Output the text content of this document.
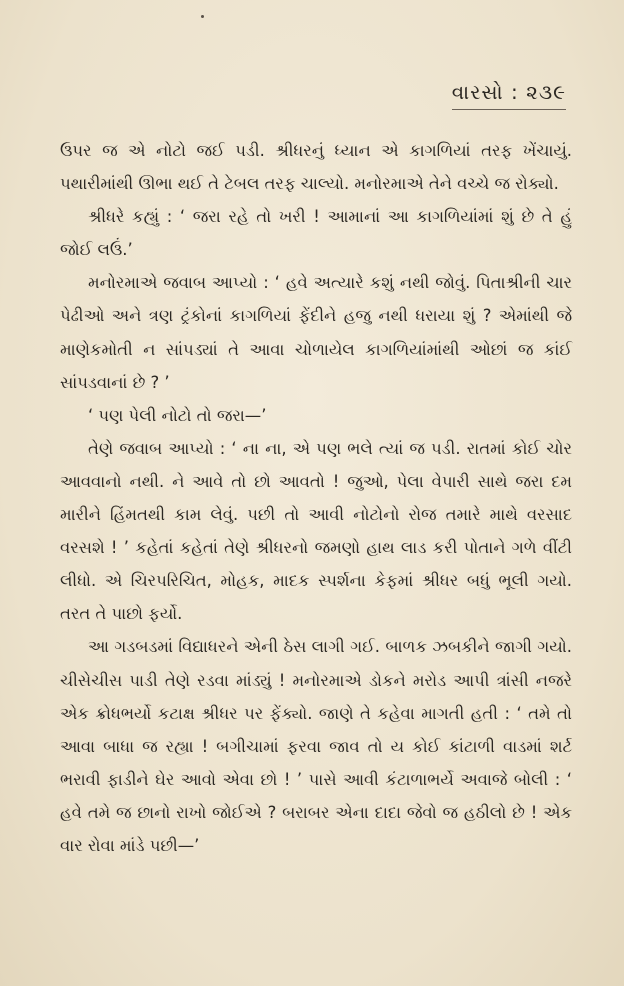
વારસો : ૨૩૯

ઉપર જ એ નોટો જઈ પડી. શ્રીધરનું ધ્યાન એ કાગળિયાં તરફ ખેંચાયું. પથારીમાંથી ઊભા થઈ તે ટેબલ તરફ ચાલ્યો. મનોરમાએ તેને વચ્ચે જ રોક્યો.

શ્રીધરે કહ્યું : ‘ જરા રહે તો ખરી ! આમાનાં આ કાગળિયાંમાં શું છે તે હું જોઈ લઉં.’

મનોરમાએ જવાબ આપ્યો : ‘ હવે અત્યારે કશું નથી જોવું. પિતાશ્રીની ચાર પેઢીઓ અને ત્રણ ટ્રંકોનાં કાગળિયાં ફેંદીને હજુ નથી ધરાયા શું ? એમાંથી જે માણેકમોતી ન સાંપડ્યાં તે આવા ચોળાયેલ કાગળિયાંમાંથી ઓછાં જ કાંઈ સાંપડવાનાં છે ? ’

‘ પણ પેલી નોટો તો જરા—’

તેણે જવાબ આપ્યો : ‘ ના ના, એ પણ ભલે ત્યાં જ પડી. રાતમાં કોઈ ચોર આવવાનો નથી. ને આવે તો છો આવતો ! જુઓ, પેલા વેપારી સાથે જરા દમ મારીને હિંમતથી કામ લેવું. પછી તો આવી નોટોનો રોજ તમારે માથે વરસાદ વરસશે ! ’ કહેતાં કહેતાં તેણે શ્રીધરનો જમણો હાથ લાડ કરી પોતાને ગળે વીંટી લીધો. એ ચિરપરિચિત, મોહક, માદક સ્પર્શના કેફમાં શ્રીધર બધું ભૂલી ગયો. તરત તે પાછો ફર્યો.

આ ગડબડમાં વિદ્યાધરને એની ઠેસ લાગી ગઈ. બાળક ઝબકીને જાગી ગયો. ચીસેચીસ પાડી તેણે રડવા માંડ્યું ! મનોરમાએ ડોકને મરોડ આપી ત્રાંસી નજરે એક ક્રોધભર્યો કટાક્ષ શ્રીધર પર ફેંક્યો. જાણે તે કહેવા માગતી હતી : ‘ તમે તો આવા બાધા જ રહ્યા ! બગીચામાં ફરવા જાવ તો ય કોઈ કાંટાળી વાડમાં શર્ટ ભરાવી ફાડીને ઘેર આવો એવા છો ! ’ પાસે આવી કંટાળાભર્યે અવાજે બોલી : ‘ હવે તમે જ છાનો રાખો જોઈએ ? બરાબર એના દાદા જેવો જ હઠીલો છે ! એક વાર રોવા માંડે પછી—’
